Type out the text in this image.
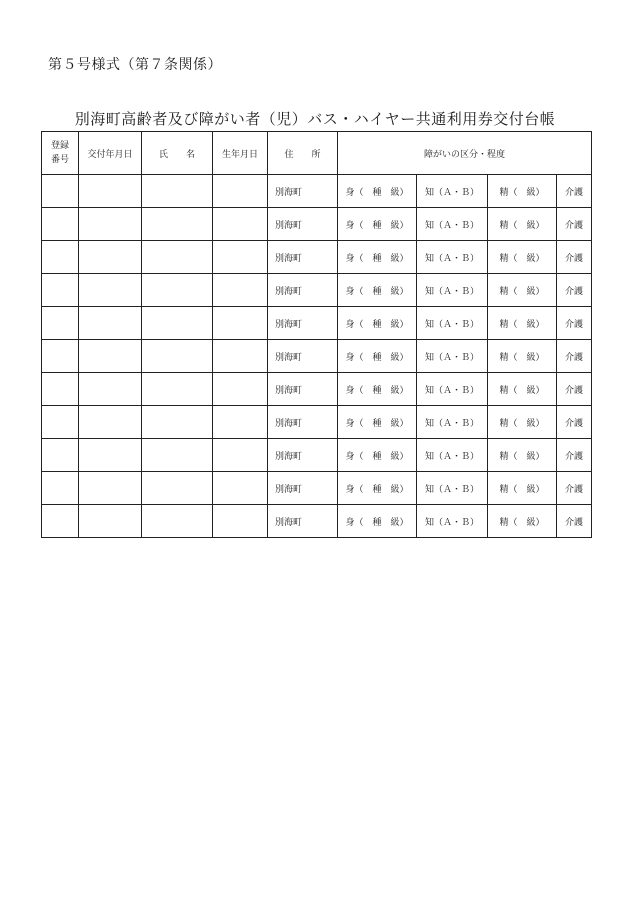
第５号様式（第７条関係）
別海町高齢者及び障がい者（児）バス・ハイヤー共通利用券交付台帳
登録
番号	交付年月日	氏　　名	生年月日	住　　所	障がいの区分・程度			
				別海町	身（　種　級）	知（Ａ・Ｂ）	精（　級）	介護
				別海町	身（　種　級）	知（Ａ・Ｂ）	精（　級）	介護
				別海町	身（　種　級）	知（Ａ・Ｂ）	精（　級）	介護
				別海町	身（　種　級）	知（Ａ・Ｂ）	精（　級）	介護
				別海町	身（　種　級）	知（Ａ・Ｂ）	精（　級）	介護
				別海町	身（　種　級）	知（Ａ・Ｂ）	精（　級）	介護
				別海町	身（　種　級）	知（Ａ・Ｂ）	精（　級）	介護
				別海町	身（　種　級）	知（Ａ・Ｂ）	精（　級）	介護
				別海町	身（　種　級）	知（Ａ・Ｂ）	精（　級）	介護
				別海町	身（　種　級）	知（Ａ・Ｂ）	精（　級）	介護
				別海町	身（　種　級）	知（Ａ・Ｂ）	精（　級）	介護
